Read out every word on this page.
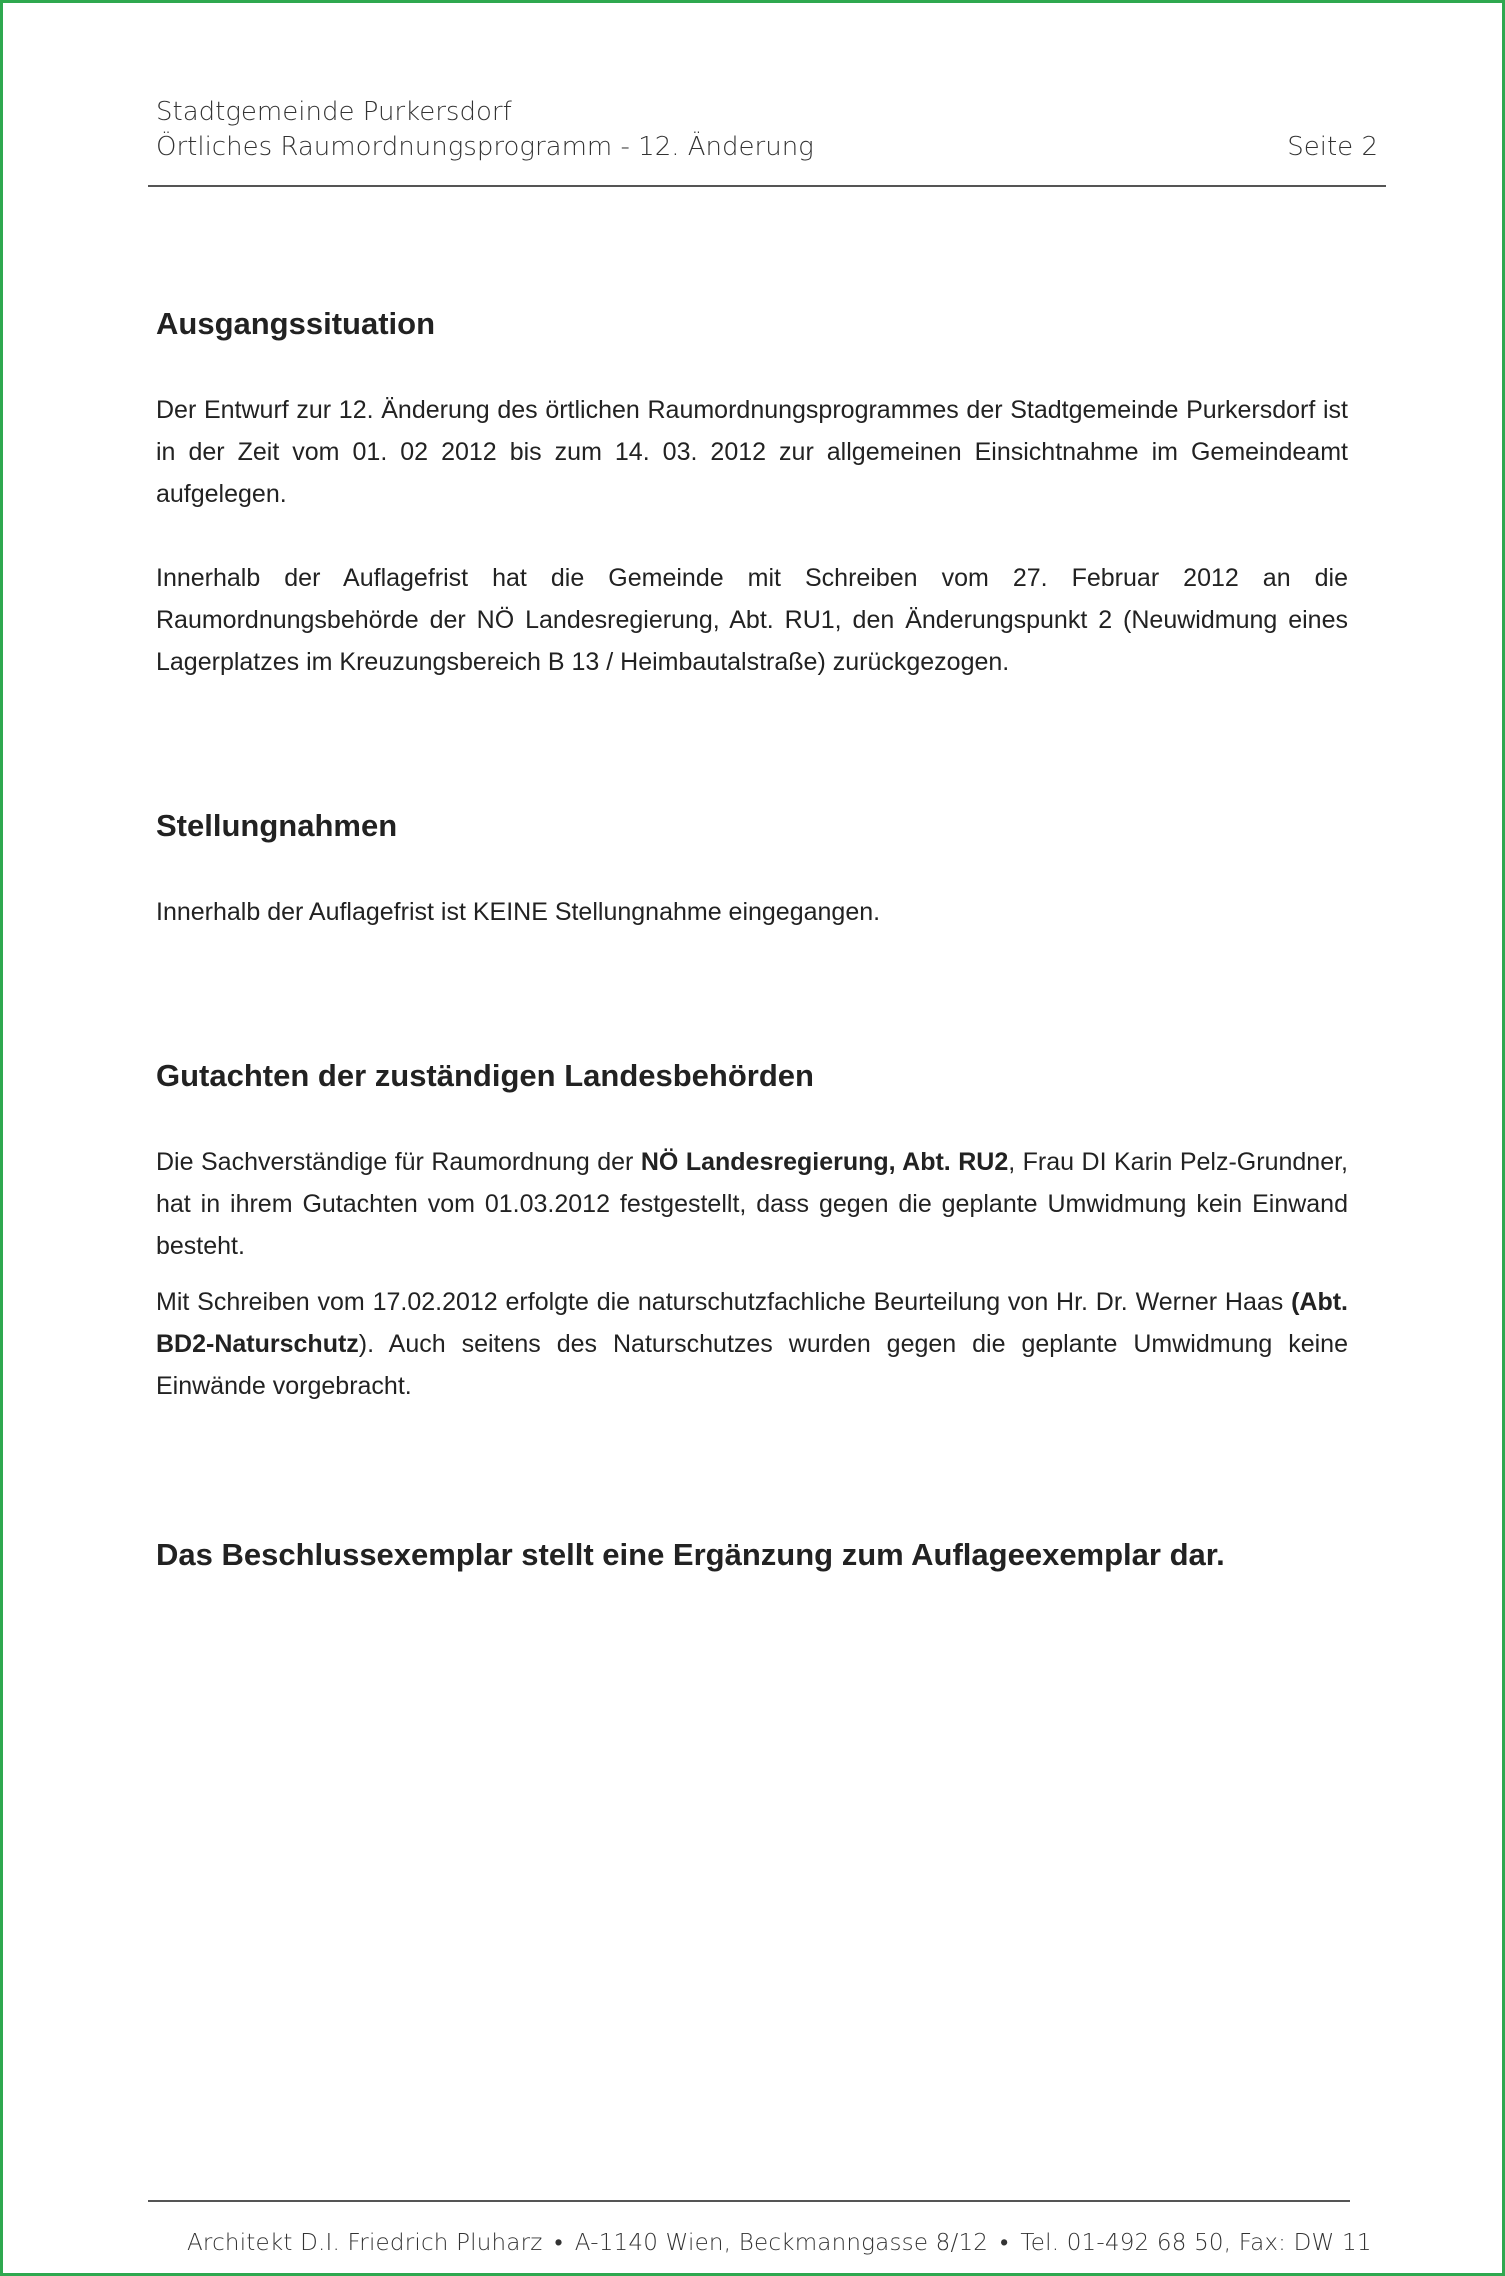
Stadtgemeinde Purkersdorf
Örtliches Raumordnungsprogramm - 12. Änderung	Seite 2
Ausgangssituation

Der Entwurf zur 12. Änderung des örtlichen Raumordnungsprogrammes der Stadtgemeinde Purkersdorf ist in der Zeit vom 01. 02 2012 bis zum 14. 03. 2012 zur allgemeinen Einsichtnahme im Gemeindeamt aufgelegen.

Innerhalb der Auflagefrist hat die Gemeinde mit Schreiben vom 27. Februar 2012 an die Raumordnungsbehörde der NÖ Landesregierung, Abt. RU1, den Änderungspunkt 2 (Neuwidmung eines Lagerplatzes im Kreuzungsbereich B 13 / Heimbautalstraße) zurückgezogen.

Stellungnahmen

Innerhalb der Auflagefrist ist KEINE Stellungnahme eingegangen.

Gutachten der zuständigen Landesbehörden

Die Sachverständige für Raumordnung der NÖ Landesregierung, Abt. RU2, Frau DI Karin Pelz-Grundner, hat in ihrem Gutachten vom 01.03.2012 festgestellt, dass gegen die geplante Umwidmung kein Einwand besteht.

Mit Schreiben vom 17.02.2012 erfolgte die naturschutzfachliche Beurteilung von Hr. Dr. Werner Haas (Abt. BD2-Naturschutz). Auch seitens des Naturschutzes wurden gegen die geplante Umwidmung keine Einwände vorgebracht.

Das Beschlussexemplar stellt eine Ergänzung zum Auflageexemplar dar.
Architekt D.I. Friedrich Pluharz • A-1140 Wien, Beckmanngasse 8/12 • Tel. 01-492 68 50, Fax: DW 11
